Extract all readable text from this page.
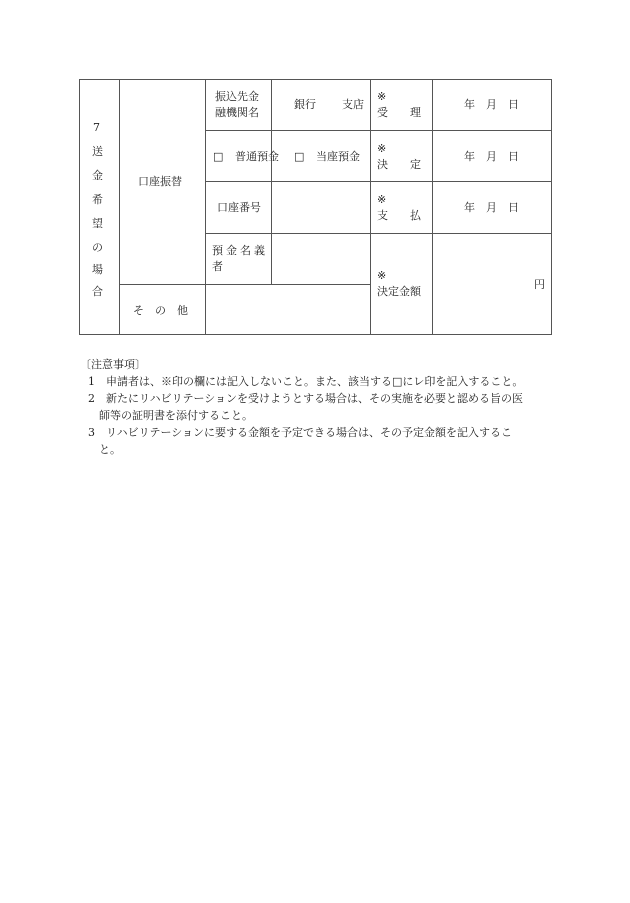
7
送
金
希
望
の
場
合
口座振替
そ　の　他
振込先金
融機関名
銀行 支店
※
受　　理
年　月　日
□ 普通預金 □ 当座預金
※
決　　定
年　月　日
口座番号
※
支　　払
年　月　日
預金名義
者
※
決定金額
円
〔注意事項〕
1　申請者は、※印の欄には記入しないこと。また、該当する□にレ印を記入すること。
2　新たにリハビリテーションを受けようとする場合は、その実施を必要と認める旨の医
　師等の証明書を添付すること。
3　リハビリテーションに要する金額を予定できる場合は、その予定金額を記入するこ
　と。
